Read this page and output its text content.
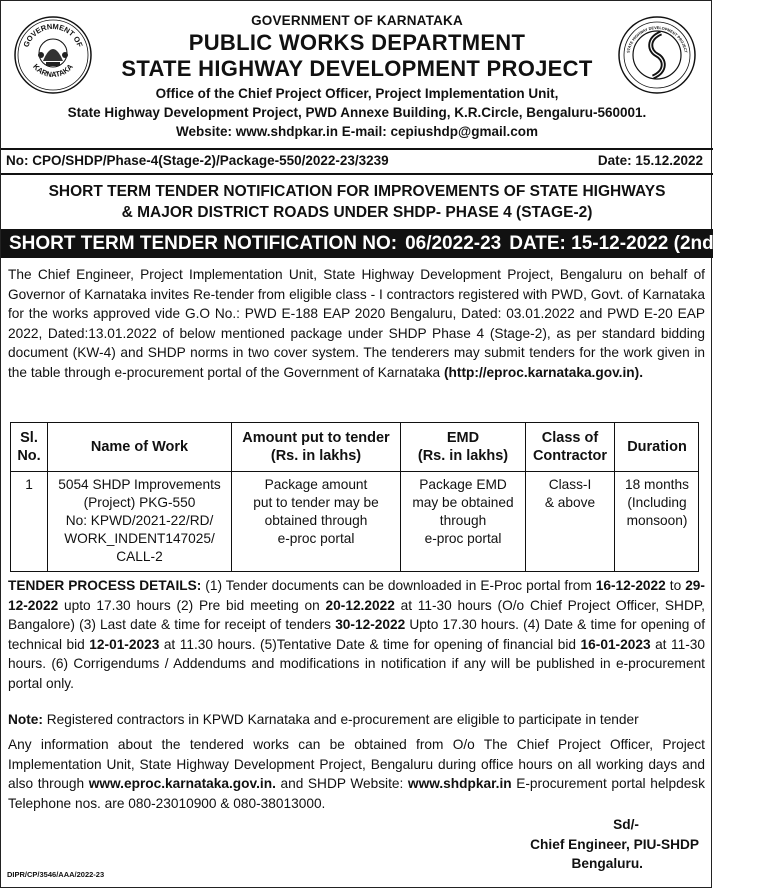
GOVERNMENT OF
KARNATAKA
STATE HIGHWAY DEVELOPMENT PROJECT
GOVERNMENT OF KARNATAKA
PUBLIC WORKS DEPARTMENT
STATE HIGHWAY DEVELOPMENT PROJECT
Office of the Chief Project Officer, Project Implementation Unit,
State Highway Development Project, PWD Annexe Building, K.R.Circle, Bengaluru-560001.
Website: www.shdpkar.in E-mail: cepiushdp@gmail.com
No: CPO/SHDP/Phase-4(Stage-2)/Package-550/2022-23/3239	Date: 15.12.2022
SHORT TERM TENDER NOTIFICATION FOR IMPROVEMENTS OF STATE HIGHWAYS
& MAJOR DISTRICT ROADS UNDER SHDP- PHASE 4 (STAGE-2)
SHORT TERM TENDER NOTIFICATION NO: 06/2022-23 DATE: 15-12-2022 (2nd Call)
The Chief Engineer, Project Implementation Unit, State Highway Development Project, Bengaluru on behalf of Governor of Karnataka invites Re-tender from eligible class - I contractors registered with PWD, Govt. of Karnataka for the works approved vide G.O No.: PWD E-188 EAP 2020 Bengaluru, Dated: 03.01.2022 and PWD E-20 EAP 2022, Dated:13.01.2022 of below mentioned package under SHDP Phase 4 (Stage-2), as per standard bidding document (KW-4) and SHDP norms in two cover system. The tenderers may submit tenders for the work given in the table through e-procurement portal of the Government of Karnataka (http://eproc.karnataka.gov.in).
Sl.
No.
Name of Work
Amount put to tender
(Rs. in lakhs)
EMD
(Rs. in lakhs)
Class of
Contractor
Duration
1	5054 SHDP Improvements
(Project) PKG-550
No: KPWD/2021-22/RD/
WORK_INDENT147025/
CALL-2
Package amount
put to tender may be
obtained through
e-proc portal
Package EMD
may be obtained
through
e-proc portal
Class-I
& above
18 months
(Including
monsoon)
TENDER PROCESS DETAILS: (1) Tender documents can be downloaded in E-Proc portal from 16-12-2022 to 29-12-2022 upto 17.30 hours (2) Pre bid meeting on 20-12.2022 at 11-30 hours (O/o Chief Project Officer, SHDP, Bangalore) (3) Last date & time for receipt of tenders 30-12-2022 Upto 17.30 hours. (4) Date & time for opening of technical bid 12-01-2023 at 11.30 hours. (5)Tentative Date & time for opening of financial bid 16-01-2023 at 11-30 hours. (6) Corrigendums / Addendums and modifications in notification if any will be published in e-procurement portal only.
Note: Registered contractors in KPWD Karnataka and e-procurement are eligible to participate in tender
Any information about the tendered works can be obtained from O/o The Chief Project Officer, Project Implementation Unit, State Highway Development Project, Bengaluru during office hours on all working days and also through www.eproc.karnataka.gov.in. and SHDP Website: www.shdpkar.in E-procurement portal helpdesk Telephone nos. are 080-23010900 & 080-38013000.
Sd/-
Chief Engineer, PIU-SHDP
Bengaluru.
DIPR/CP/3546/AAA/2022-23
